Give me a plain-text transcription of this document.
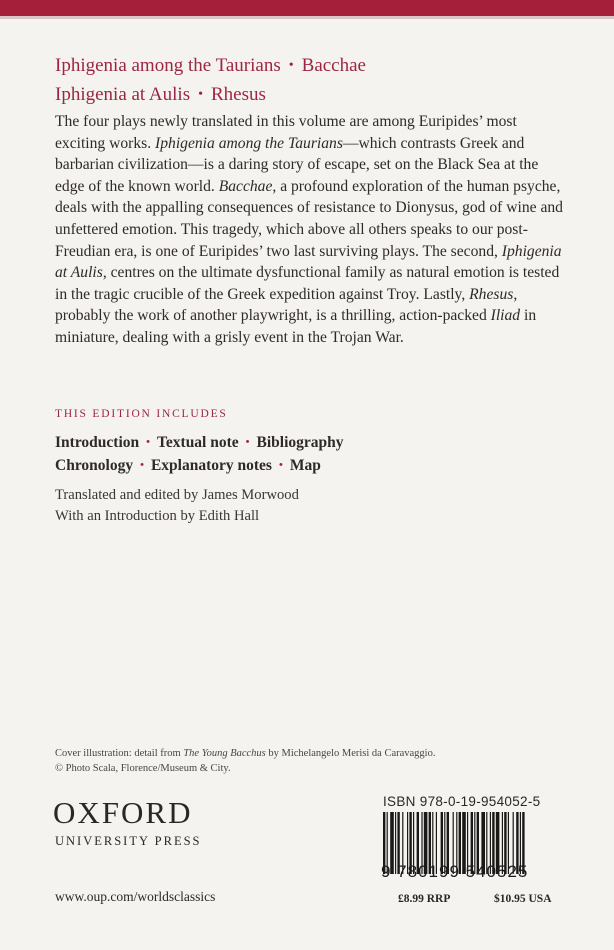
Iphigenia among the Taurians • Bacchae
Iphigenia at Aulis • Rhesus

The four plays newly translated in this volume are among Euripides’ most exciting works. Iphigenia among the Taurians—which contrasts Greek and barbarian civilization—is a daring story of escape, set on the Black Sea at the edge of the known world. Bacchae, a profound exploration of the human psyche, deals with the appalling consequences of resistance to Dionysus, god of wine and unfettered emotion. This tragedy, which above all others speaks to our post-Freudian era, is one of Euripides’ two last surviving plays. The second, Iphigenia at Aulis, centres on the ultimate dysfunctional family as natural emotion is tested in the tragic crucible of the Greek expedition against Troy. Lastly, Rhesus, probably the work of another playwright, is a thrilling, action-packed Iliad in miniature, dealing with a grisly event in the Trojan War.

THIS EDITION INCLUDES
Introduction • Textual note • Bibliography
Chronology • Explanatory notes • Map
Translated and edited by James Morwood
With an Introduction by Edith Hall
Cover illustration: detail from The Young Bacchus by Michelangelo Merisi da Caravaggio.
© Photo Scala, Florence/Museum & City.
OXFORD
UNIVERSITY PRESS
www.oup.com/worldsclassics
ISBN 978-0-19-954052-5
9 780199 540525
£8.99 RRP	$10.95 USA
